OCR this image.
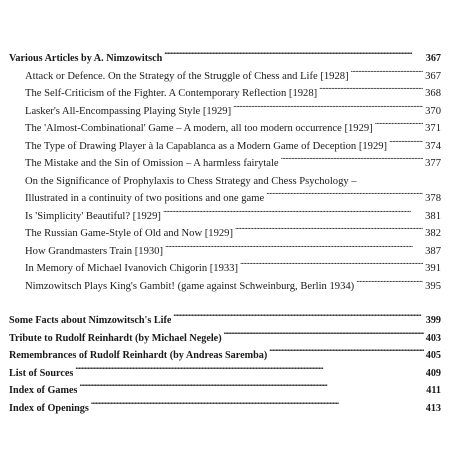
Various Articles by A. Nimzowitsch . . .	367
Attack or Defence. On the Strategy of the Struggle of Chess and Life [1928] . . .	367
The Self-Criticism of the Fighter. A Contemporary Reflection [1928] . . .	368
Lasker's All-Encompassing Playing Style [1929] . . .	370
The 'Almost-Combinational' Game – A modern, all too modern occurrence [1929] . . .	371
The Type of Drawing Player à la Capablanca as a Modern Game of Deception [1929] . . .	374
The Mistake and the Sin of Omission – A harmless fairytale . . .	377
On the Significance of Prophylaxis to Chess Strategy and Chess Psychology –
Illustrated in a continuity of two positions and one game . . .	378
Is 'Simplicity' Beautiful? [1929] . . .	381
The Russian Game-Style of Old and Now [1929] . . .	382
How Grandmasters Train [1930] . . .	387
In Memory of Michael Ivanovich Chigorin [1933] . . .	391
Nimzowitsch Plays King's Gambit! (game against Schweinburg, Berlin 1934) . . .	395
Some Facts about Nimzowitsch's Life . . .	399
Tribute to Rudolf Reinhardt (by Michael Negele) . . .	403
Remembrances of Rudolf Reinhardt (by Andreas Saremba) . . .	405
List of Sources . . .	409
Index of Games . . .	411
Index of Openings . . .	413
